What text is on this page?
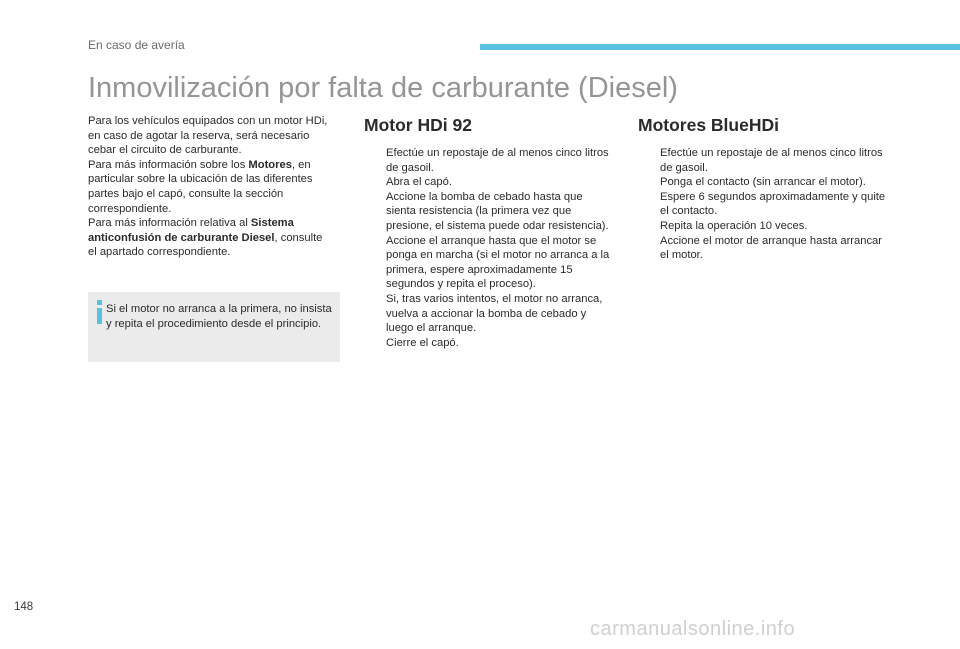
En caso de avería
Inmovilización por falta de carburante (Diesel)

Para los vehículos equipados con un motor HDi, en caso de agotar la reserva, será necesario cebar el circuito de carburante.

Para más información sobre los Motores, en particular sobre la ubicación de las diferentes partes bajo el capó, consulte la sección correspondiente.

Para más información relativa al Sistema anticonfusión de carburante Diesel, consulte el apartado correspondiente.

Si el motor no arranca a la primera, no insista y repita el procedimiento desde el principio.
Motor HDi 92
Efectúe un repostaje de al menos cinco litros de gasoil.
Abra el capó.
Accione la bomba de cebado hasta que sienta resistencia (la primera vez que presione, el sistema puede odar resistencia).
Accione el arranque hasta que el motor se ponga en marcha (si el motor no arranca a la primera, espere aproximadamente 15 segundos y repita el proceso).
Si, tras varios intentos, el motor no arranca, vuelva a accionar la bomba de cebado y luego el arranque.
Cierre el capó.
Motores BlueHDi
Efectúe un repostaje de al menos cinco litros de gasoil.
Ponga el contacto (sin arrancar el motor).
Espere 6 segundos aproximadamente y quite el contacto.
Repita la operación 10 veces.
Accione el motor de arranque hasta arrancar el motor.
148
carmanualsonline.info
